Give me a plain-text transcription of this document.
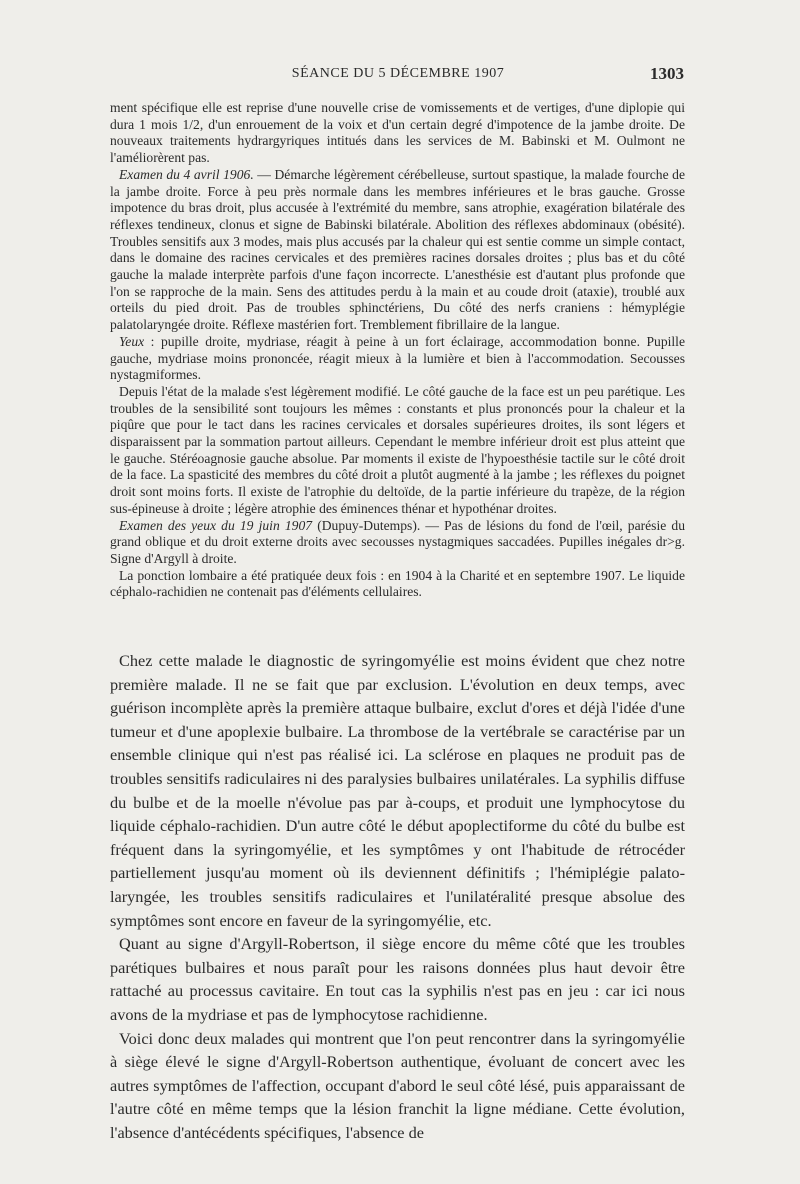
SÉANCE DU 5 DÉCEMBRE 1907	1303

ment spécifique elle est reprise d'une nouvelle crise de vomissements et de vertiges, d'une diplopie qui dura 1 mois 1/2, d'un enrouement de la voix et d'un certain degré d'impotence de la jambe droite. De nouveaux traitements hydrargyriques intitués dans les services de M. Babinski et M. Oulmont ne l'améliorèrent pas.

Examen du 4 avril 1906. — Démarche légèrement cérébelleuse, surtout spastique, la malade fourche de la jambe droite. Force à peu près normale dans les membres inférieures et le bras gauche. Grosse impotence du bras droit, plus accusée à l'extrémité du membre, sans atrophie, exagération bilatérale des réflexes tendineux, clonus et signe de Babinski bilatérale. Abolition des réflexes abdominaux (obésité). Troubles sensitifs aux 3 modes, mais plus accusés par la chaleur qui est sentie comme un simple contact, dans le domaine des racines cervicales et des premières racines dorsales droites ; plus bas et du côté gauche la malade interprète parfois d'une façon incorrecte. L'anesthésie est d'autant plus profonde que l'on se rapproche de la main. Sens des attitudes perdu à la main et au coude droit (ataxie), troublé aux orteils du pied droit. Pas de troubles sphinctériens, Du côté des nerfs craniens : hémyplégie palatolaryngée droite. Réflexe mastérien fort. Tremblement fibrillaire de la langue.

Yeux : pupille droite, mydriase, réagit à peine à un fort éclairage, accommodation bonne. Pupille gauche, mydriase moins prononcée, réagit mieux à la lumière et bien à l'accommodation. Secousses nystagmiformes.

Depuis l'état de la malade s'est légèrement modifié. Le côté gauche de la face est un peu parétique. Les troubles de la sensibilité sont toujours les mêmes : constants et plus prononcés pour la chaleur et la piqûre que pour le tact dans les racines cervicales et dorsales supérieures droites, ils sont légers et disparaissent par la sommation partout ailleurs. Cependant le membre inférieur droit est plus atteint que le gauche. Stéréoagnosie gauche absolue. Par moments il existe de l'hypoesthésie tactile sur le côté droit de la face. La spasticité des membres du côté droit a plutôt augmenté à la jambe ; les réflexes du poignet droit sont moins forts. Il existe de l'atrophie du deltoïde, de la partie inférieure du trapèze, de la région sus-épineuse à droite ; légère atrophie des éminences thénar et hypothénar droites.

Examen des yeux du 19 juin 1907 (Dupuy-Dutemps). — Pas de lésions du fond de l'œil, parésie du grand oblique et du droit externe droits avec secousses nystagmiques saccadées. Pupilles inégales dr>g. Signe d'Argyll à droite.

La ponction lombaire a été pratiquée deux fois : en 1904 à la Charité et en septembre 1907. Le liquide céphalo-rachidien ne contenait pas d'éléments cellulaires.

Chez cette malade le diagnostic de syringomyélie est moins évident que chez notre première malade. Il ne se fait que par exclusion. L'évolution en deux temps, avec guérison incomplète après la première attaque bulbaire, exclut d'ores et déjà l'idée d'une tumeur et d'une apoplexie bulbaire. La thrombose de la vertébrale se caractérise par un ensemble clinique qui n'est pas réalisé ici. La sclérose en plaques ne produit pas de troubles sensitifs radiculaires ni des paralysies bulbaires unilatérales. La syphilis diffuse du bulbe et de la moelle n'évolue pas par à-coups, et produit une lymphocytose du liquide céphalo-rachidien. D'un autre côté le début apoplectiforme du côté du bulbe est fréquent dans la syringomyélie, et les symptômes y ont l'habitude de rétrocéder partiellement jusqu'au moment où ils deviennent définitifs ; l'hémiplégie palato-laryngée, les troubles sensitifs radiculaires et l'unilatéralité presque absolue des symptômes sont encore en faveur de la syringomyélie, etc.

Quant au signe d'Argyll-Robertson, il siège encore du même côté que les troubles parétiques bulbaires et nous paraît pour les raisons données plus haut devoir être rattaché au processus cavitaire. En tout cas la syphilis n'est pas en jeu : car ici nous avons de la mydriase et pas de lymphocytose rachidienne.

Voici donc deux malades qui montrent que l'on peut rencontrer dans la syringomyélie à siège élevé le signe d'Argyll-Robertson authentique, évoluant de concert avec les autres symptômes de l'affection, occupant d'abord le seul côté lésé, puis apparaissant de l'autre côté en même temps que la lésion franchit la ligne médiane. Cette évolution, l'absence d'antécédents spécifiques, l'absence de
